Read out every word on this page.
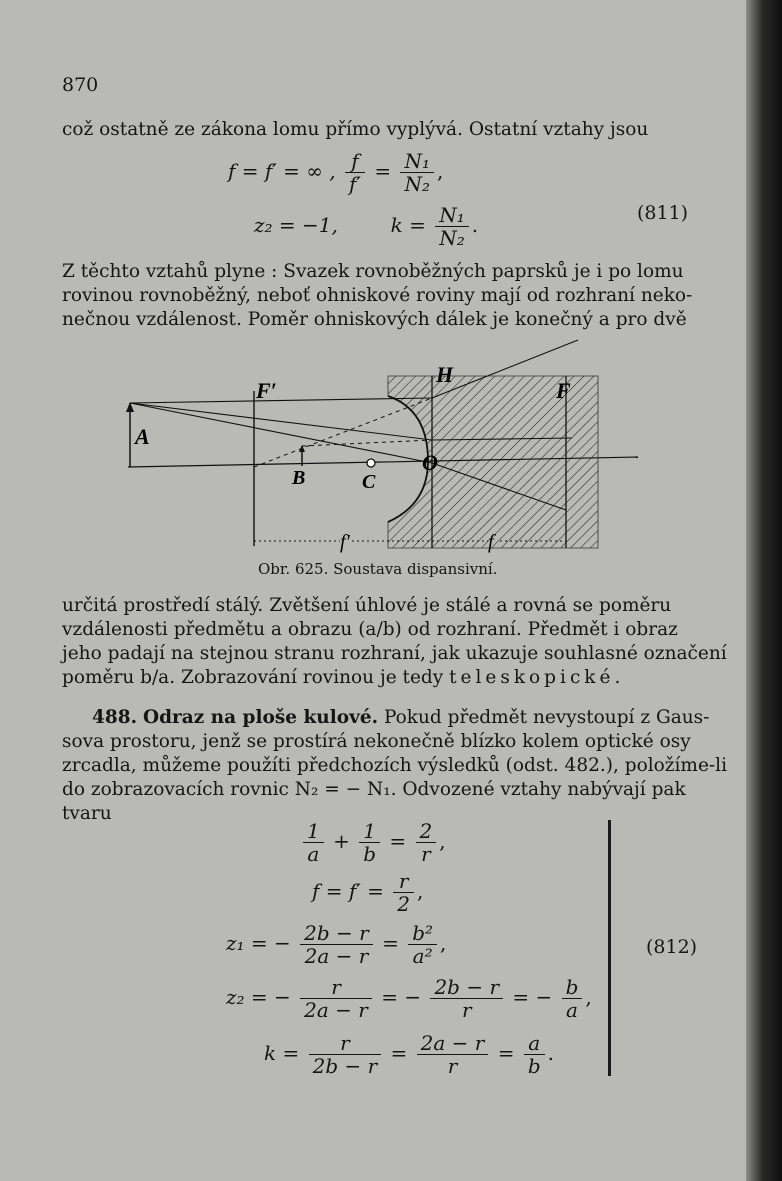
870
což ostatně ze zákona lomu přímo vyplývá. Ostatní vztahy jsou
f = f′ = ∞ , $\frac{f}{f'} = \frac{\text{N₁}}{\text{N₂}}$ ,
z₂ = −1,	$k = \frac{\text{N₁}}{\text{N₂}}$ .	(811)
Z těchto vztahů plyne : Svazek rovnoběžných paprsků je i po lomu
rovinou rovnoběžný, neboť ohniskové roviny mají od rozhraní neko-
nečnou vzdálenost. Poměr ohniskových dálek je konečný a pro dvě
F′
H
F
A
B	C
O
f′	f
Obr. 625. Soustava dispansivní.
určitá prostředí stálý. Zvětšení úhlové je stálé a rovná se poměru
vzdálenosti předmětu a obrazu (a/b) od rozhraní. Předmět i obraz
jeho padají na stejnou stranu rozhraní, jak ukazuje souhlasné označení
poměru b/a. Zobrazování rovinou je tedy teleskopické.
488. Odraz na ploše kulové. Pokud předmět nevystoupí z Gaus-
sova prostoru, jenž se prostírá nekonečně blízko kolem optické osy
zrcadla, můžeme použíti předchozích výsledků (odst. 482.), položíme-li
do zobrazovacích rovnic N₂ = − N₁. Odvozené vztahy nabývají pak
tvaru
$\frac{1}{a} + \frac{1}{b} = \frac{2}{r}$ ,
$f = f' = \frac{r}{2}$ ,
z₁ = − $\frac{2b - r}{2a - r} = \frac{\text{b²}}{\text{a²}}$ ,
z₂ = − $\frac{r}{2a - r}$ = − $\frac{2b - r}{r}$ = − $\frac{b}{a}$ ,
$k = \frac{r}{2b - r} = \frac{2a - r}{r} = \frac{a}{b}$ .
(812)
